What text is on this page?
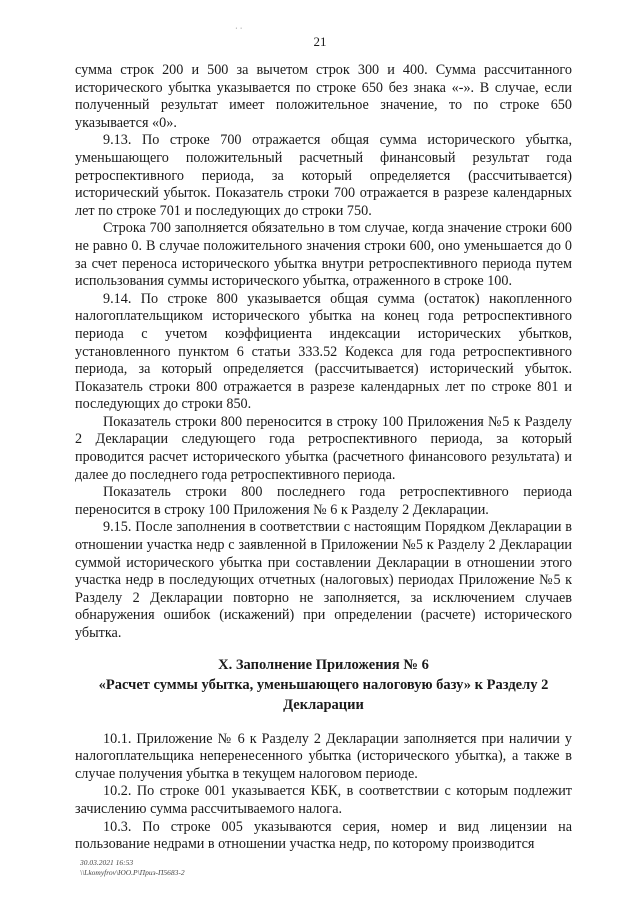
⋅ ⋅
21

сумма строк 200 и 500 за вычетом строк 300 и 400. Сумма рассчитанного исторического убытка указывается по строке 650 без знака «-». В случае, если полученный результат имеет положительное значение, то по строке 650 указывается «0».

9.13. По строке 700 отражается общая сумма исторического убытка, уменьшающего положительный расчетный финансовый результат года ретроспективного периода, за который определяется (рассчитывается) исторический убыток. Показатель строки 700 отражается в разрезе календарных лет по строке 701 и последующих до строки 750.

Строка 700 заполняется обязательно в том случае, когда значение строки 600 не равно 0. В случае положительного значения строки 600, оно уменьшается до 0 за счет переноса исторического убытка внутри ретроспективного периода путем использования суммы исторического убытка, отраженного в строке 100.

9.14. По строке 800 указывается общая сумма (остаток) накопленного налогоплательщиком исторического убытка на конец года ретроспективного периода с учетом коэффициента индексации исторических убытков, установленного пунктом 6 статьи 333.52 Кодекса для года ретроспективного периода, за который определяется (рассчитывается) исторический убыток. Показатель строки 800 отражается в разрезе календарных лет по строке 801 и последующих до строки 850.

Показатель строки 800 переносится в строку 100 Приложения №5 к Разделу 2 Декларации следующего года ретроспективного периода, за который проводится расчет исторического убытка (расчетного финансового результата) и далее до последнего года ретроспективного периода.

Показатель строки 800 последнего года ретроспективного периода переносится в строку 100 Приложения № 6 к Разделу 2 Декларации.

9.15. После заполнения в соответствии с настоящим Порядком Декларации в отношении участка недр с заявленной в Приложении №5 к Разделу 2 Декларации суммой исторического убытка при составлении Декларации в отношении этого участка недр в последующих отчетных (налоговых) периодах Приложение №5 к Разделу 2 Декларации повторно не заполняется, за исключением случаев обнаружения ошибок (искажений) при определении (расчете) исторического убытка.

X. Заполнение Приложения № 6
«Расчет суммы убытка, уменьшающего налоговую базу» к Разделу 2
Декларации

10.1. Приложение № 6 к Разделу 2 Декларации заполняется при наличии у налогоплательщика неперенесенного убытка (исторического убытка), а также в случае получения убытка в текущем налоговом периоде.

10.2. По строке 001 указывается КБК, в соответствии с которым подлежит зачислению сумма рассчитываемого налога.

10.3. По строке 005 указываются серия, номер и вид лицензии на пользование недрами в отношении участка недр, по которому производится

30.03.2021 16:53
\\Lkomyfrov\ЮО.Р\Приз-П5683-2
